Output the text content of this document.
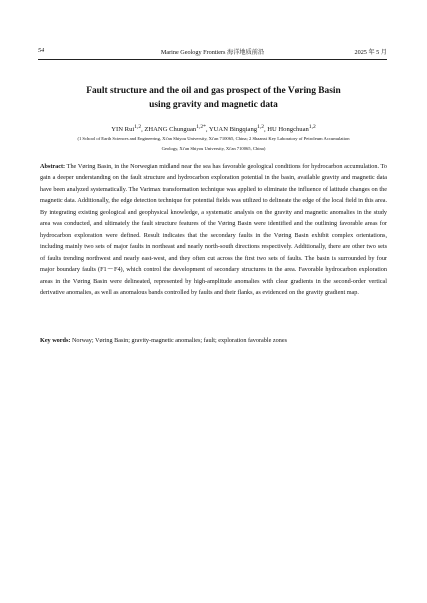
54	Marine Geology Frontiers 海洋地质前沿	2025 年 5 月
Fault structure and the oil and gas prospect of the Vøring Basin
using gravity and magnetic data
YIN Rui$^{1,2}$, ZHANG Chunguan$^{1,2*}$, YUAN Bingqiang$^{1,2}$, HU Hongchuan$^{1,2}$
(1 School of Earth Sciences and Engineering, Xi'an Shiyou University, Xi'an 710065, China; 2 Shaanxi Key Laboratory of Petroleum Accumulation
Geology, Xi'an Shiyou University, Xi'an 710065, China)
Abstract: The Vøring Basin, in the Norwegian midland near the sea has favorable geological conditions for hydrocarbon accumulation. To gain a deeper understanding on the fault structure and hydrocarbon exploration potential in the basin, available gravity and magnetic data have been analyzed systematically. The Varimax transformation technique was applied to eliminate the influence of latitude changes on the magnetic data. Additionally, the edge detection technique for potential fields was utilized to delineate the edge of the local field in this area. By integrating existing geological and geophysical knowledge, a systematic analysis on the gravity and magnetic anomalies in the study area was conducted, and ultimately the fault structure features of the Vøring Basin were identified and the outlining favorable areas for hydrocarbon exploration were defined. Result indicates that the secondary faults in the Vøring Basin exhibit complex orientations, including mainly two sets of major faults in northeast and nearly north-south directions respectively. Additionally, there are other two sets of faults trending northwest and nearly east-west, and they often cut across the first two sets of faults. The basin is surrounded by four major boundary faults (F1～F4), which control the development of secondary structures in the area. Favorable hydrocarbon exploration areas in the Vøring Basin were delineated, represented by high-amplitude anomalies with clear gradients in the second-order vertical derivative anomalies, as well as anomalous bands controlled by faults and their flanks, as evidenced on the gravity gradient map.
Key words: Norway; Vøring Basin; gravity-magnetic anomalies; fault; exploration favorable zones
